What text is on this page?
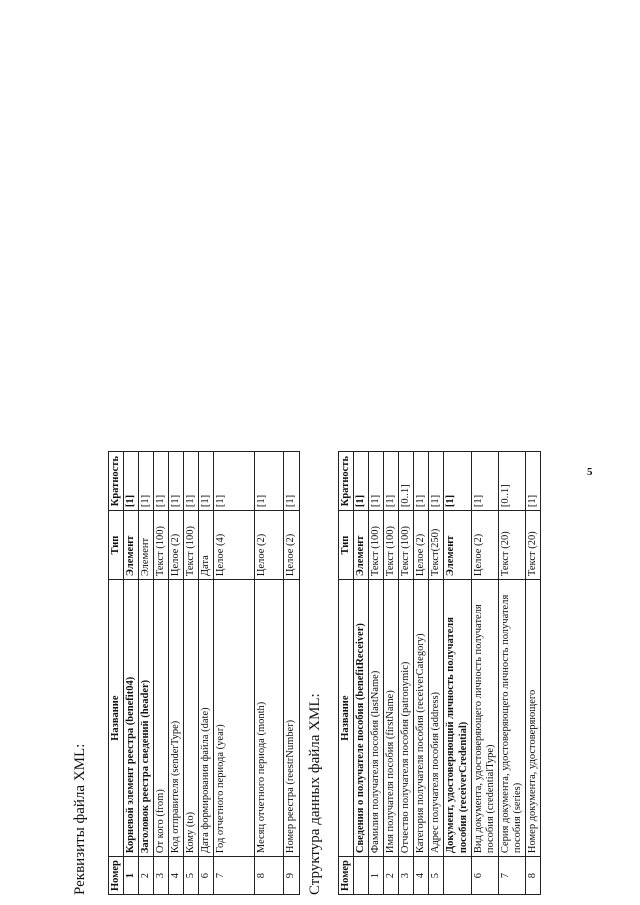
Реквизиты файла XML: Номер	Название	Тип	Кратность
1	Корневой элемент реестра (benefit04)	Элемент	[1]
2	Заголовок реестра сведений (header)	Элемент	[1]
3	От кого (from)	Текст (100)	[1]
4	Код отправителя (senderType)	Целое (2)	[1]
5	Кому (to)	Текст (100)	[1]
6	Дата формирования файла (date)	Дата	[1]
7	Год отчетного периода (year)	Целое (4)	[1]
8	Месяц отчетного периода (month)	Целое (2)	[1]
9	Номер реестра (reestrNumber)	Целое (2)	[1]
Структура данных файла XML: Номер	Название	Тип	Кратность
	Сведения о получателе пособия (benefitReceiver)	Элемент	[1]
1	Фамилия получателя пособия (lastName)	Текст (100)	[1]
2	Имя получателя пособия (firstName)	Текст (100)	[1]
3	Отчество получателя пособия (patronymic)	Текст (100)	[0..1]
4	Категория получателя пособия (receiverCategory)	Целое (2)	[1]
5	Адрес получателя пособия (address)	Текст(250)	[1]
	Документ, удостоверяющий личность получателя пособия (receiverCredential)	Элемент	[1]
6	Вид документа, удостоверяющего личность получателя пособия (credentialType)	Целое (2)	[1]
7	Серия документа, удостоверяющего личность получателя пособия (series)	Текст (20)	[0..1]
8	Номер документа, удостоверяющего	Текст (20)	[1]
5
